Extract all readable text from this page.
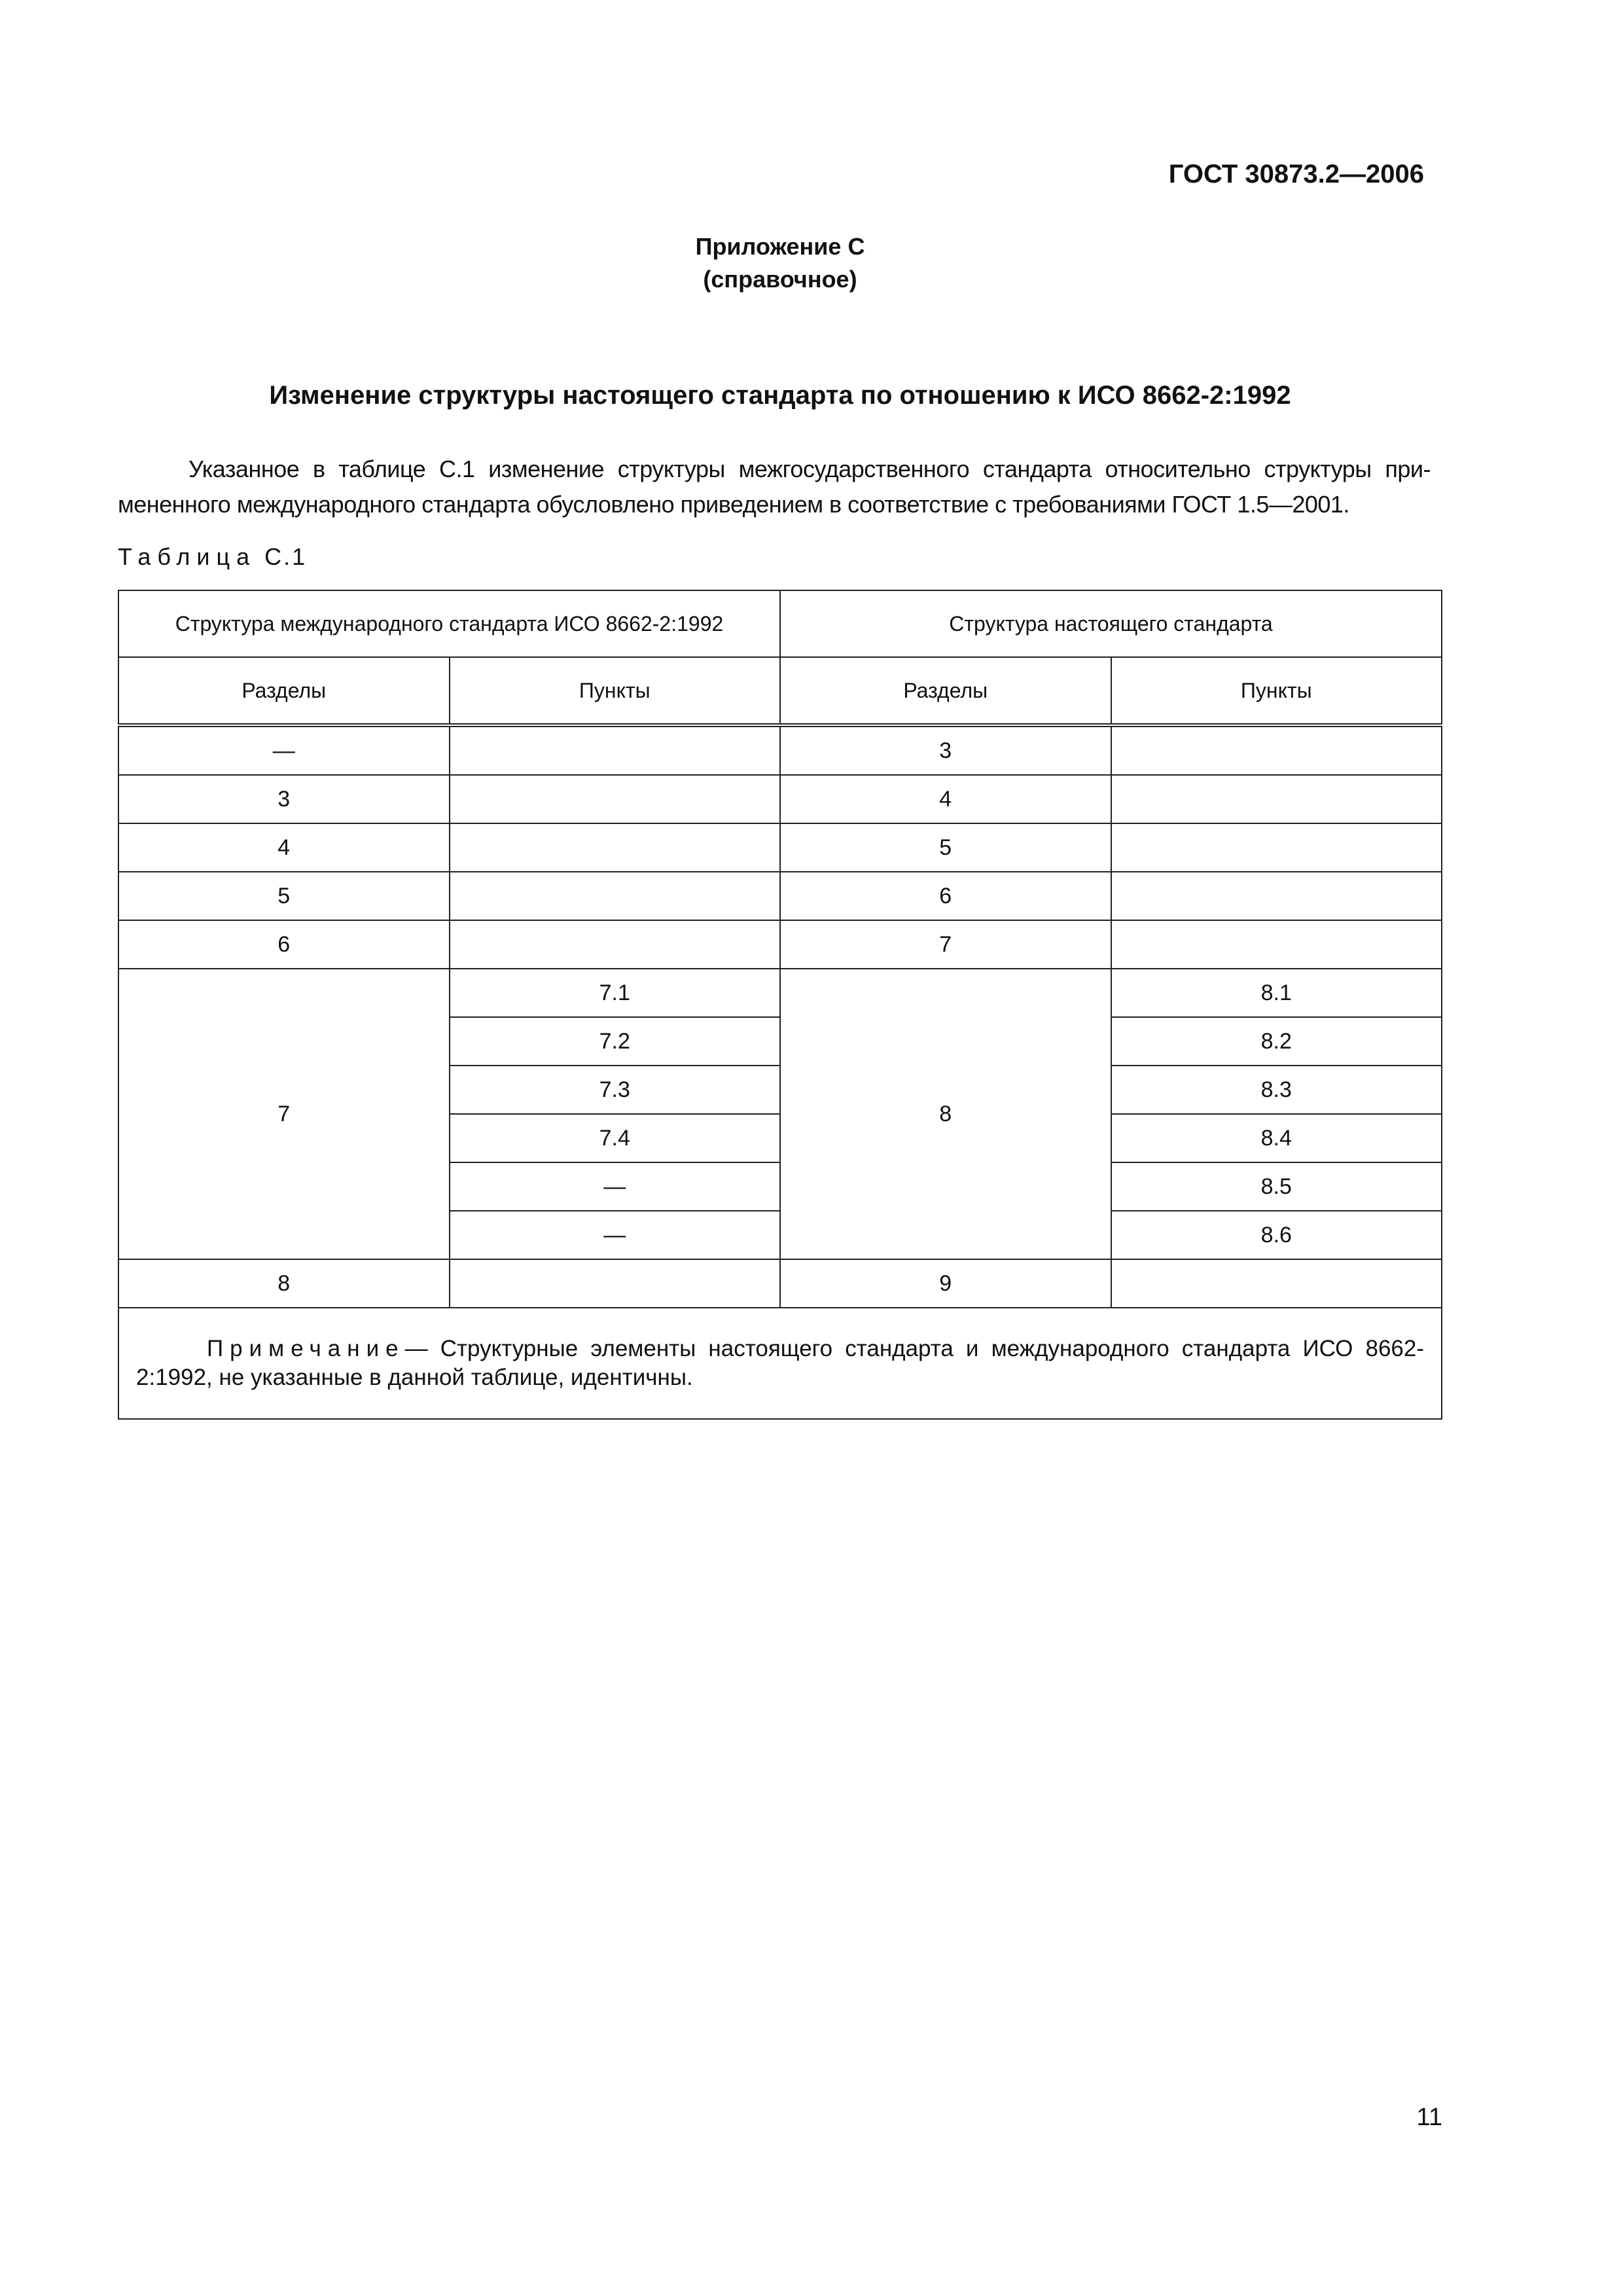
ГОСТ 30873.2—2006
Приложение С
(справочное)
Изменение структуры настоящего стандарта по отношению к ИСО 8662-2:1992
Указанное в таблице С.1 изменение структуры межгосударственного стандарта относительно структуры при-мененного международного стандарта обусловлено приведением в соответствие с требованиями ГОСТ 1.5—2001.
Таблица С.1
Структура международного стандарта ИСО 8662-2:1992		Структура настоящего стандарта	
Разделы	Пункты	Разделы	Пункты
—		3	
3		4	
4		5	
5		6	
6		7	
7	7.1	8	8.1
	7.2		8.2
	7.3		8.3
	7.4		8.4
	—		8.5
	—		8.6
8		9	

Примечание— Структурные элементы настоящего стандарта и международного стандарта ИСО 8662-2:1992, не указанные в данной таблице, идентичны.			
11
